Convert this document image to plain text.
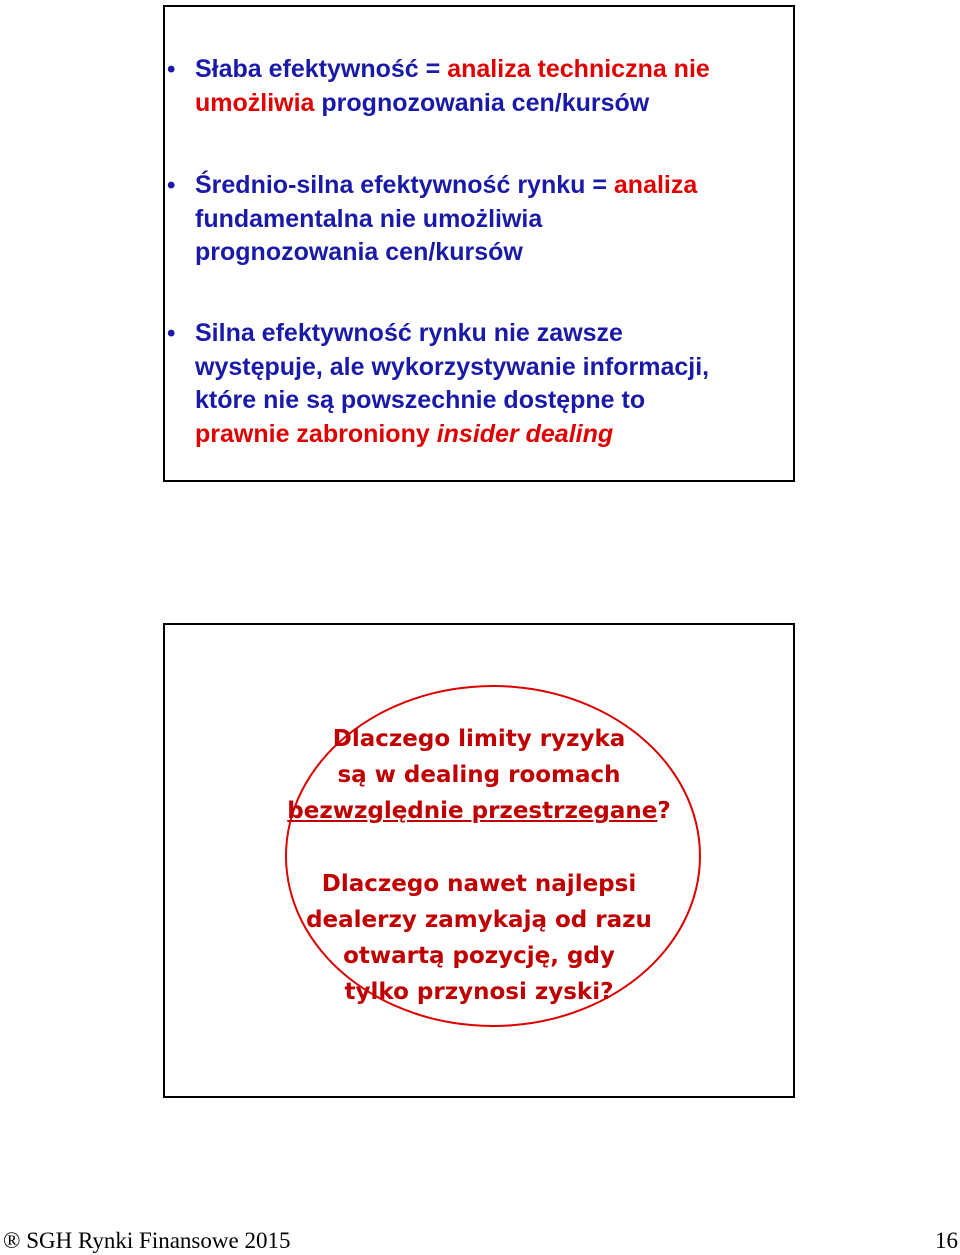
• Słaba efektywność = analiza techniczna nie
umożliwia prognozowania cen/kursów
• Średnio-silna efektywność rynku = analiza
fundamentalna nie umożliwia
prognozowania cen/kursów
• Silna efektywność rynku nie zawsze
występuje, ale wykorzystywanie informacji,
które nie są powszechnie dostępne to
prawnie zabroniony insider dealing
Dlaczego limity ryzyka
są w dealing roomach
bezwzględnie przestrzegane?
Dlaczego nawet najlepsi
dealerzy zamykają od razu
otwartą pozycję, gdy
tylko przynosi zyski?
® SGH Rynki Finansowe 2015	16
